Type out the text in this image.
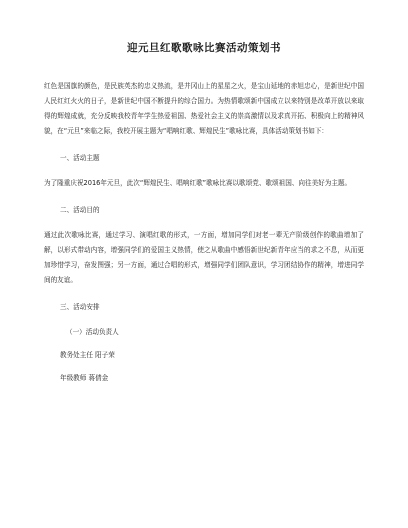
迎元旦红歌歌咏比赛活动策划书

红色是国旗的颜色，是民族英杰的忠义热流，是井冈山上的星星之火，是宝山延地的赤旭忠心，是新世纪中国人民红红火火的日子，是新世纪中国不断提升的综合国力。为热情歌颂新中国成立以来特别是改革开放以来取得的辉煌成就，充分反映我校青年学生热爱祖国、热爱社会主义的崇高激情以及求真开拓、积极向上的精神风貌，在“元旦”来临之际，我校开展主题为“唱响红歌、辉煌民生”歌咏比赛，具体活动策划书如下：

一、活动主题

为了隆重庆祝2016年元旦，此次“辉煌民生、唱响红歌”歌咏比赛以歌颂党、歌颂祖国、向往美好为主题。

二、活动目的

通过此次歌咏比赛，通过学习、演唱红歌的形式，一方面，增加同学们对老一辈无产阶级创作的歌曲增加了解，以形式带动内容，增强同学们的爱国主义热情，使之从歌曲中感悟新世纪新青年应当的求之不息，从而更加珍惜学习，奋发图强；另一方面，通过合唱的形式，增强同学们团队意识，学习团结协作的精神，增进同学间的友谊。

三、活动安排
（一）活动负责人
教务处主任 阳子荣
年级教师 蒋倩金
